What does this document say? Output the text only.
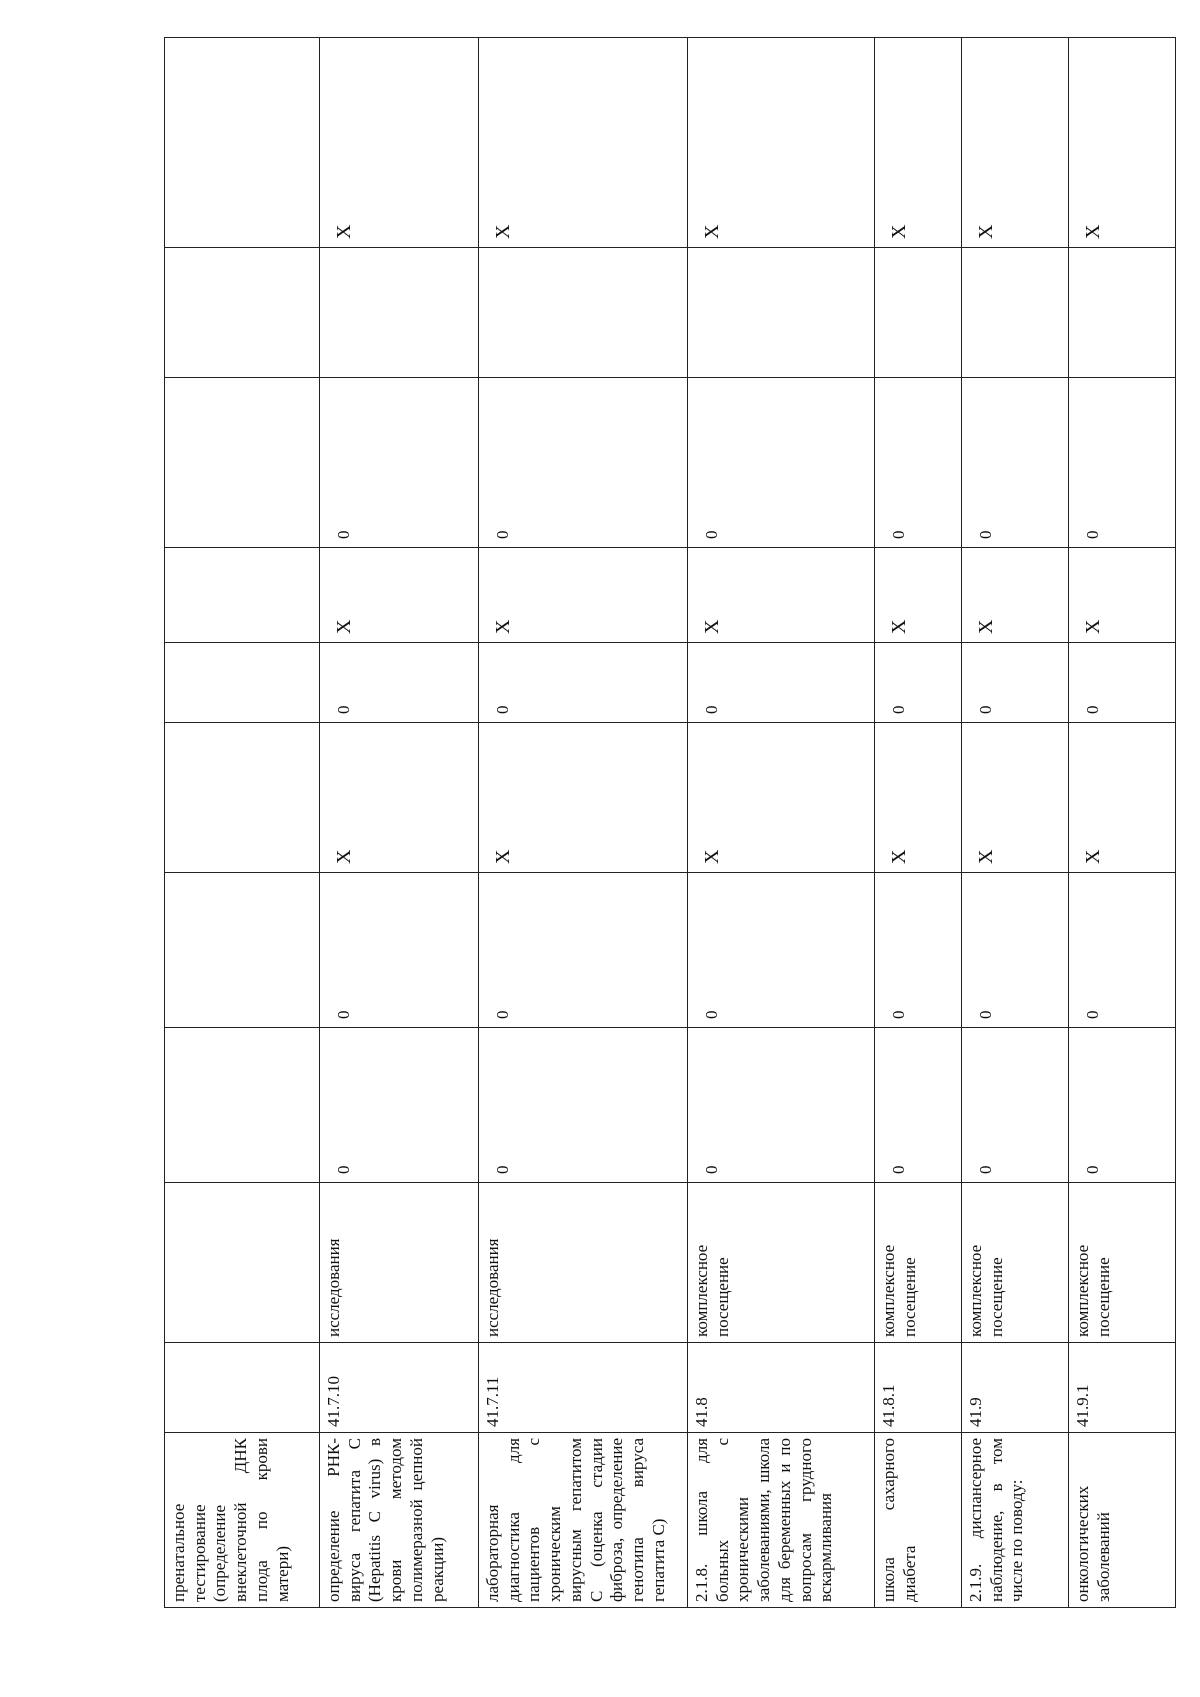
пренатальное тестирование (определение внеклеточной ДНК плода по крови матери)										
определение РНК-вируса гепатита С (Hepatitis C virus) в крови методом полимеразной цепной реакции)	41.7.10	исследования	0	0	X	0	X	0		X
лабораторная диагностика для пациентов с хроническим вирусным гепатитом С (оценка стадии фиброза, определение генотипа вируса гепатита С)	41.7.11	исследования	0	0	X	0	X	0		X
2.1.8. школа для больных с хроническими заболеваниями, школа для беременных и по вопросам грудного вскармливания	41.8	комплексное посещение	0	0	X	0	X	0		X
школа сахарного диабета	41.8.1	комплексное посещение	0	0	X	0	X	0		X
2.1.9. диспансерное наблюдение, в том числе по поводу:	41.9	комплексное посещение	0	0	X	0	X	0		X
онкологических заболеваний	41.9.1	комплексное посещение	0	0	X	0	X	0		X
